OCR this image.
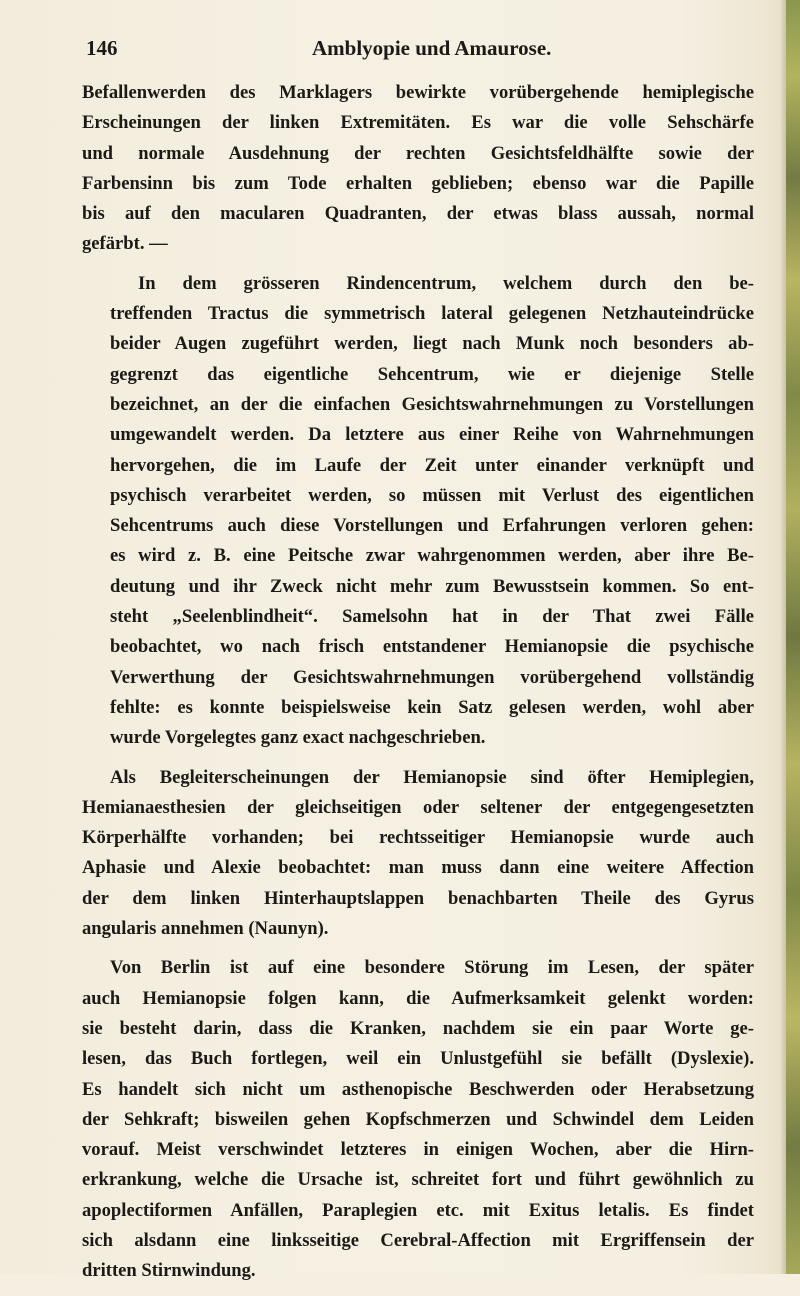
146	Amblyopie und Amaurose.

Befallenwerden des Marklagers bewirkte vorübergehende hemiplegische
Erscheinungen der linken Extremitäten. Es war die volle Sehschärfe
und normale Ausdehnung der rechten Gesichtsfeldhälfte sowie der
Farbensinn bis zum Tode erhalten geblieben; ebenso war die Papille
bis auf den macularen Quadranten, der etwas blass aussah, normal
gefärbt. —

In dem grösseren Rindencentrum, welchem durch den be-
treffenden Tractus die symmetrisch lateral gelegenen Netzhauteindrücke
beider Augen zugeführt werden, liegt nach Munk noch besonders ab-
gegrenzt das eigentliche Sehcentrum, wie er diejenige Stelle
bezeichnet, an der die einfachen Gesichtswahrnehmungen zu Vorstellungen
umgewandelt werden. Da letztere aus einer Reihe von Wahrnehmungen
hervorgehen, die im Laufe der Zeit unter einander verknüpft und
psychisch verarbeitet werden, so müssen mit Verlust des eigentlichen
Sehcentrums auch diese Vorstellungen und Erfahrungen verloren gehen:
es wird z. B. eine Peitsche zwar wahrgenommen werden, aber ihre Be-
deutung und ihr Zweck nicht mehr zum Bewusstsein kommen. So ent-
steht „Seelenblindheit“. Samelsohn hat in der That zwei Fälle
beobachtet, wo nach frisch entstandener Hemianopsie die psychische
Verwerthung der Gesichtswahrnehmungen vorübergehend vollständig
fehlte: es konnte beispielsweise kein Satz gelesen werden, wohl aber
wurde Vorgelegtes ganz exact nachgeschrieben.

Als Begleiterscheinungen der Hemianopsie sind öfter Hemiplegien,
Hemianaesthesien der gleichseitigen oder seltener der entgegengesetzten
Körperhälfte vorhanden; bei rechtsseitiger Hemianopsie wurde auch
Aphasie und Alexie beobachtet: man muss dann eine weitere Affection
der dem linken Hinterhauptslappen benachbarten Theile des Gyrus
angularis annehmen (Naunyn).

Von Berlin ist auf eine besondere Störung im Lesen, der später
auch Hemianopsie folgen kann, die Aufmerksamkeit gelenkt worden:
sie besteht darin, dass die Kranken, nachdem sie ein paar Worte ge-
lesen, das Buch fortlegen, weil ein Unlustgefühl sie befällt (Dyslexie).
Es handelt sich nicht um asthenopische Beschwerden oder Herabsetzung
der Sehkraft; bisweilen gehen Kopfschmerzen und Schwindel dem Leiden
vorauf. Meist verschwindet letzteres in einigen Wochen, aber die Hirn-
erkrankung, welche die Ursache ist, schreitet fort und führt gewöhnlich zu
apoplectiformen Anfällen, Paraplegien etc. mit Exitus letalis. Es findet
sich alsdann eine linksseitige Cerebral-Affection mit Ergriffensein der
dritten Stirnwindung.
